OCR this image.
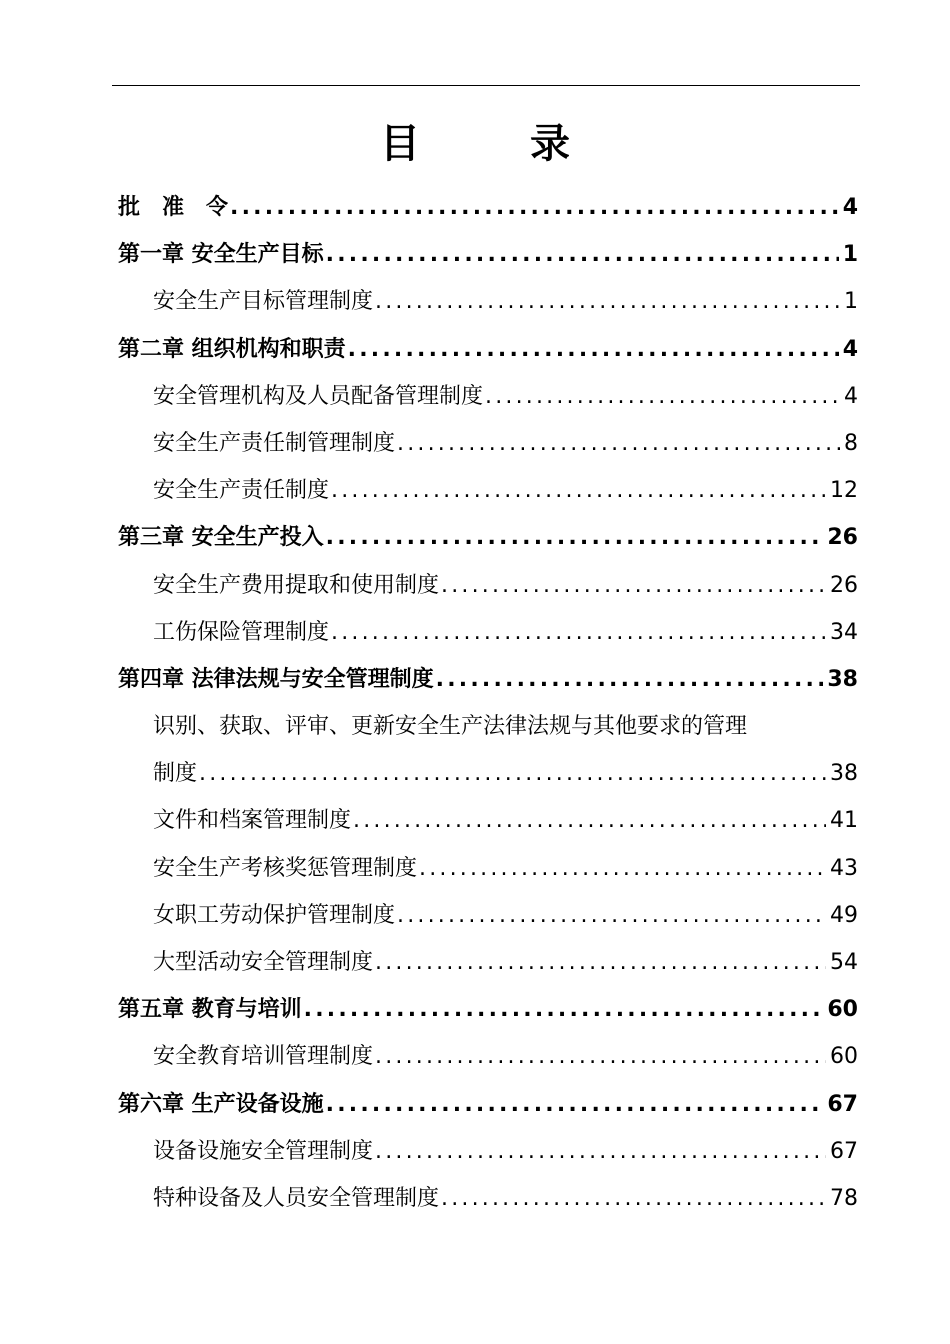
目 录
批　准　令 .....	4
第一章 安全生产目标 .....	1
安全生产目标管理制度 .....	1
第二章 组织机构和职责 .....	4
安全管理机构及人员配备管理制度 .....	4
安全生产责任制管理制度 .....	8
安全生产责任制度 .....	12
第三章 安全生产投入 .....	26
安全生产费用提取和使用制度 .....	26
工伤保险管理制度 .....	34
第四章 法律法规与安全管理制度 .....	38
识别、获取、评审、更新安全生产法律法规与其他要求的管理
制度 .....	38
文件和档案管理制度 .....	41
安全生产考核奖惩管理制度 .....	43
女职工劳动保护管理制度 .....	49
大型活动安全管理制度 .....	54
第五章 教育与培训 .....	60
安全教育培训管理制度 .....	60
第六章 生产设备设施 .....	67
设备设施安全管理制度 .....	67
特种设备及人员安全管理制度 .....	78
